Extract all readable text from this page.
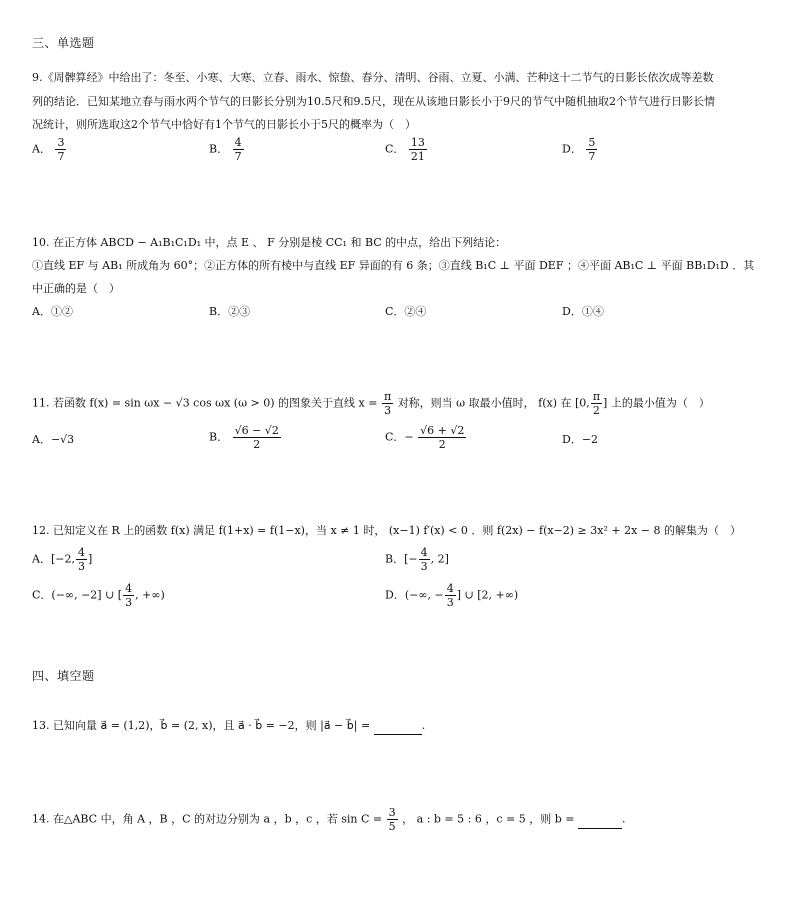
三、单选题
9.《周髀算经》中给出了：冬至、小寒、大寒、立春、雨水、惊蛰、春分、清明、谷雨、立夏、小满、芒种这十二节气的日影长依次成等差数
列的结论．已知某地立春与雨水两个节气的日影长分别为10.5尺和9.5尺，现在从该地日影长小于9尺的节气中随机抽取2个节气进行日影长情
况统计，则所选取这2个节气中恰好有1个节气的日影长小于5尺的概率为（　）
A． $\frac{3}{7}$	B． $\frac{4}{7}$	C． $\frac{13}{21}$	D． $\frac{5}{7}$
10. 在正方体 ABCD − A₁B₁C₁D₁ 中，点 E 、 F 分别是棱 CC₁ 和 BC 的中点，给出下列结论：
①直线 EF 与 AB₁ 所成角为 60°；②正方体的所有棱中与直线 EF 异面的有 6 条；③直线 B₁C ⊥ 平面 DEF ；④平面 AB₁C ⊥ 平面 BB₁D₁D ．其
中正确的是（　）
A．①②	B．②③	C．②④	D．①④
11. 若函数 f(x) = sin ωx − √3 cos ωx (ω > 0) 的图象关于直线 $x = \frac{\pi}{3}$ 对称，则当 ω 取最小值时， f(x) 在 [0, $\frac{\pi}{2}$ ] 上的最小值为（　）
A．−√3	B． $\frac{√6 - √2}{2}$	C．− $\frac{√6 + √2}{2}$	D．−2
12. 已知定义在 R 上的函数 f(x) 满足 f(1+x) = f(1−x)，当 x ≠ 1 时， (x−1) f′(x) < 0 ．则 f(2x) − f(x−2) ≥ 3x² + 2x − 8 的解集为（　）
A．[−2, $\frac{4}{3}$ ]	B．[− $\frac{4}{3}$ , 2]
C．(−∞, −2] ∪ [ $\frac{4}{3}$ , +∞)	D．(−∞, − $\frac{4}{3}$ ] ∪ [2, +∞)
四、填空题
13. 已知向量 a⃗ = (1,2)，b⃗ = (2, x)，且 a⃗ · b⃗ = −2，则 |a⃗ − b⃗| =	.
14. 在△ABC 中，角 A ，B ，C 的对边分别为 a ，b ，c ，若 $\sin C = \frac{3}{5}$ ， a : b = 5 : 6 ，c = 5 ，则 b =	.
